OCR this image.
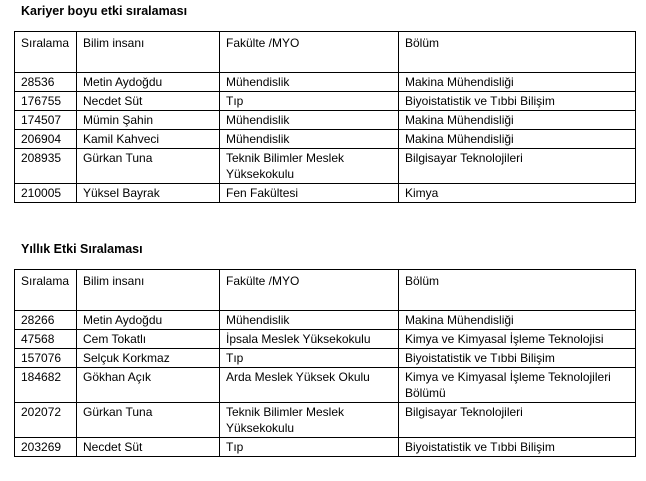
Kariyer boyu etki sıralaması
Sıralama	Bilim insanı	Fakülte /MYO	Bölüm
28536	Metin Aydoğdu	Mühendislik	Makina Mühendisliği
176755	Necdet Süt	Tıp	Biyoistatistik ve Tıbbi Bilişim
174507	Mümin Şahin	Mühendislik	Makina Mühendisliği
206904	Kamil Kahveci	Mühendislik	Makina Mühendisliği
208935	Gürkan Tuna	Teknik Bilimler Meslek Yüksekokulu	Bilgisayar Teknolojileri
210005	Yüksel Bayrak	Fen Fakültesi	Kimya
Yıllık Etki Sıralaması
Sıralama	Bilim insanı	Fakülte /MYO	Bölüm
28266	Metin Aydoğdu	Mühendislik	Makina Mühendisliği
47568	Cem Tokatlı	İpsala Meslek Yüksekokulu	Kimya ve Kimyasal İşleme Teknolojisi
157076	Selçuk Korkmaz	Tıp	Biyoistatistik ve Tıbbi Bilişim
184682	Gökhan Açık	Arda Meslek Yüksek Okulu	Kimya ve Kimyasal İşleme Teknolojileri Bölümü
202072	Gürkan Tuna	Teknik Bilimler Meslek Yüksekokulu	Bilgisayar Teknolojileri
203269	Necdet Süt	Tıp	Biyoistatistik ve Tıbbi Bilişim
